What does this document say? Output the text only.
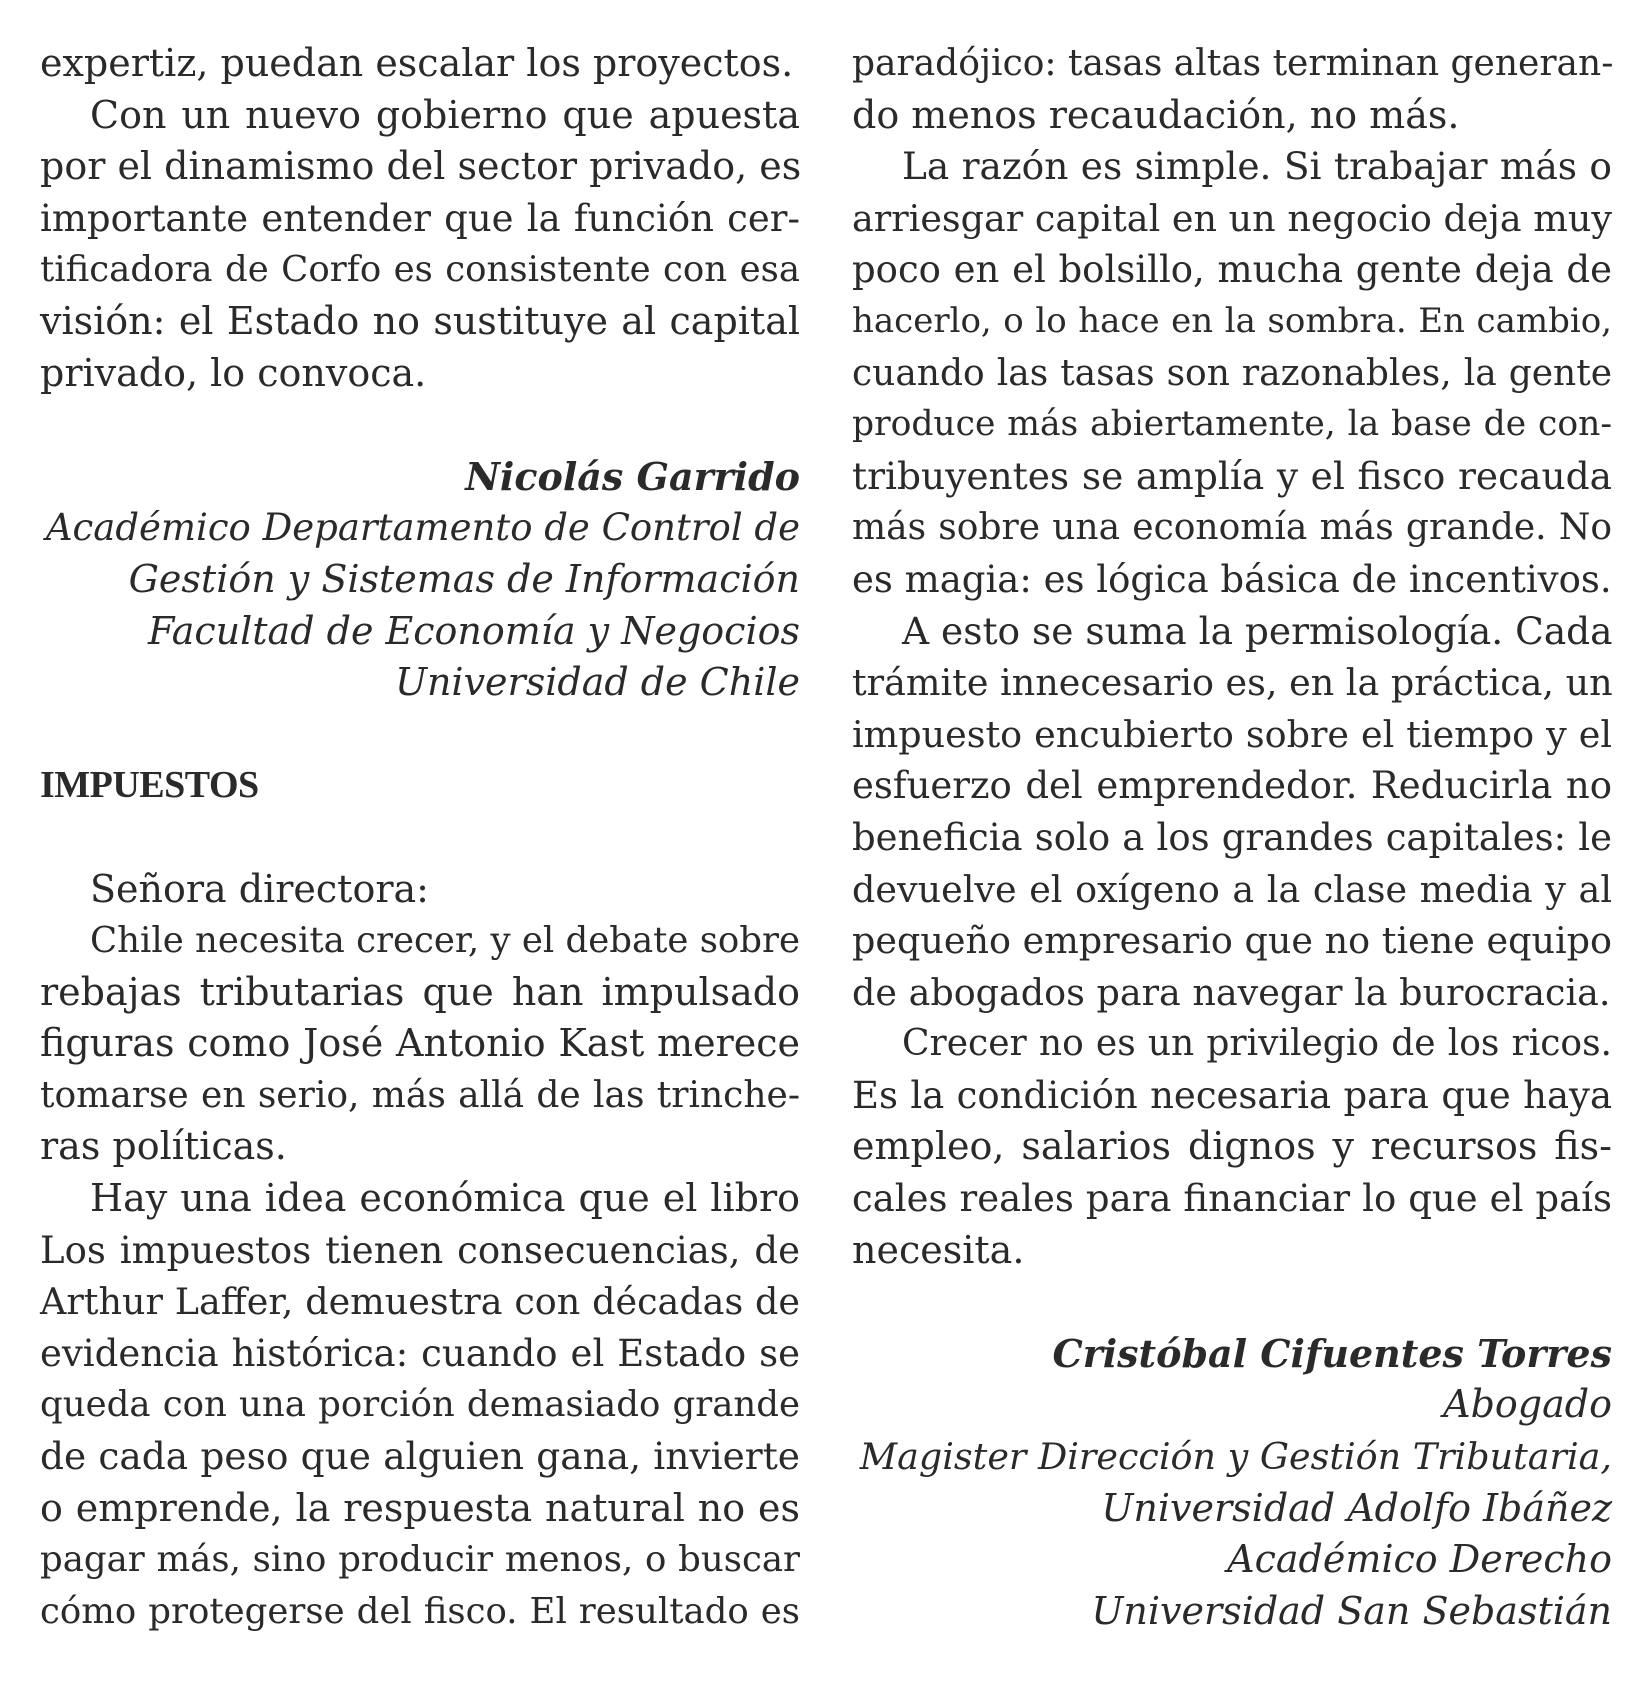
expertiz, puedan escalar los proyectos.
Con un nuevo gobierno que apuesta
por el dinamismo del sector privado, es
importante entender que la función cer-
tificadora de Corfo es consistente con esa
visión: el Estado no sustituye al capital
privado, lo convoca.
Nicolás Garrido
Académico Departamento de Control de
Gestión y Sistemas de Información
Facultad de Economía y Negocios
Universidad de Chile
IMPUESTOS
Señora directora:
Chile necesita crecer, y el debate sobre
rebajas tributarias que han impulsado
figuras como José Antonio Kast merece
tomarse en serio, más allá de las trinche-
ras políticas.
Hay una idea económica que el libro
Los impuestos tienen consecuencias, de
Arthur Laffer, demuestra con décadas de
evidencia histórica: cuando el Estado se
queda con una porción demasiado grande
de cada peso que alguien gana, invierte
o emprende, la respuesta natural no es
pagar más, sino producir menos, o buscar
cómo protegerse del fisco. El resultado es
paradójico: tasas altas terminan generan-
do menos recaudación, no más.
La razón es simple. Si trabajar más o
arriesgar capital en un negocio deja muy
poco en el bolsillo, mucha gente deja de
hacerlo, o lo hace en la sombra. En cambio,
cuando las tasas son razonables, la gente
produce más abiertamente, la base de con-
tribuyentes se amplía y el fisco recauda
más sobre una economía más grande. No
es magia: es lógica básica de incentivos.
A esto se suma la permisología. Cada
trámite innecesario es, en la práctica, un
impuesto encubierto sobre el tiempo y el
esfuerzo del emprendedor. Reducirla no
beneficia solo a los grandes capitales: le
devuelve el oxígeno a la clase media y al
pequeño empresario que no tiene equipo
de abogados para navegar la burocracia.
Crecer no es un privilegio de los ricos.
Es la condición necesaria para que haya
empleo, salarios dignos y recursos fis-
cales reales para financiar lo que el país
necesita.
Cristóbal Cifuentes Torres
Abogado
Magister Dirección y Gestión Tributaria,
Universidad Adolfo Ibáñez
Académico Derecho
Universidad San Sebastián
